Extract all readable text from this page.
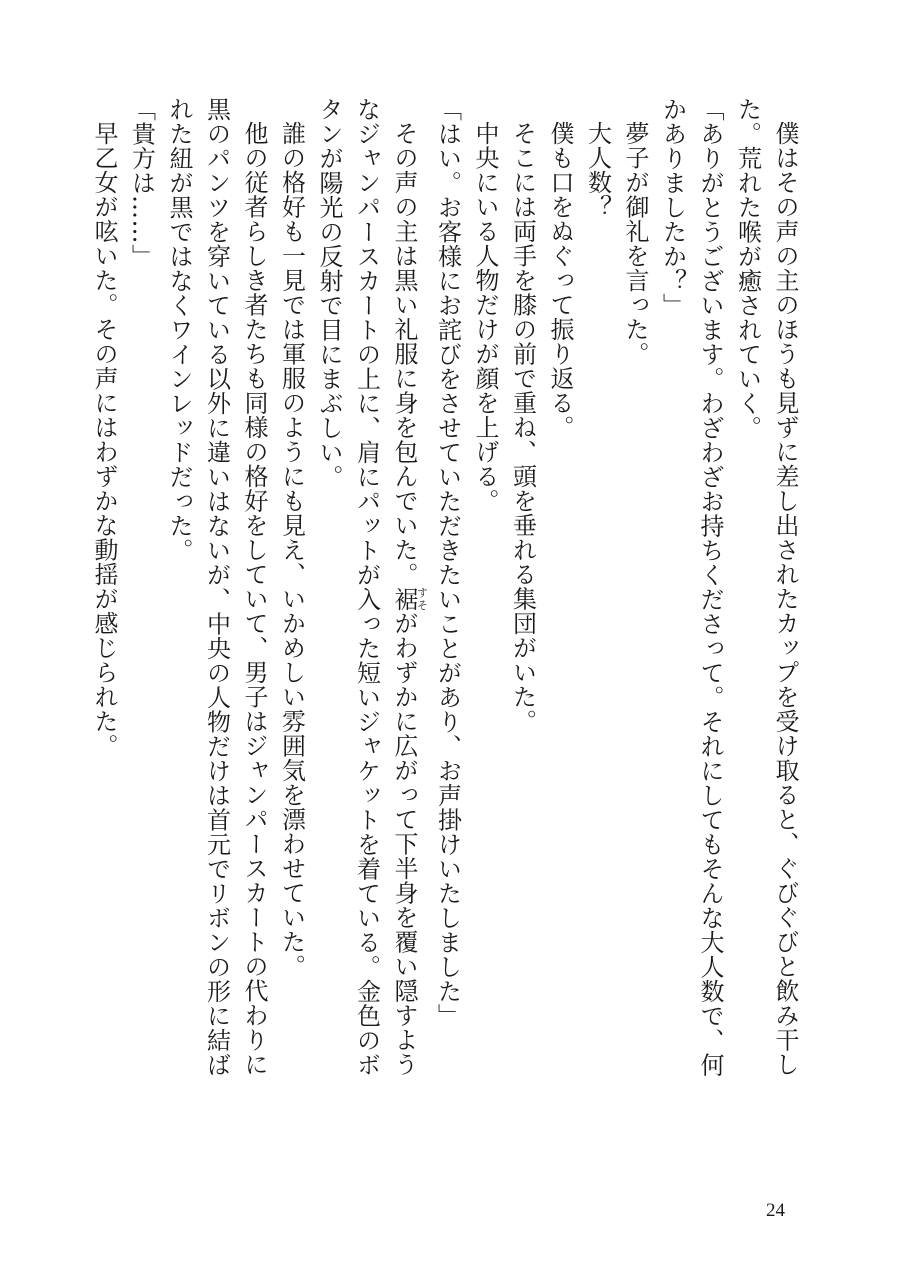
僕はその声の主のほうも見ずに差し出されたカップを受け取ると、ぐびぐびと飲み干した。荒れた喉が癒されていく。

「ありがとうございます。わざわざお持ちくださって。それにしてもそんな大人数で、何かありましたか？」

夢子が御礼を言った。

大人数？

僕も口をぬぐって振り返る。

そこには両手を膝の前で重ね、頭を垂れる集団がいた。

中央にいる人物だけが顔を上げる。

「はい。お客様にお詫びをさせていただきたいことがあり、お声掛けいたしました」

その声の主は黒い礼服に身を包んでいた。裾すそがわずかに広がって下半身を覆い隠すようなジャンパースカートの上に、肩にパットが入った短いジャケットを着ている。金色のボタンが陽光の反射で目にまぶしい。

誰の格好も一見では軍服のようにも見え、いかめしい雰囲気を漂わせていた。

他の従者らしき者たちも同様の格好をしていて、男子はジャンパースカートの代わりに黒のパンツを穿いている以外に違いはないが、中央の人物だけは首元でリボンの形に結ばれた紐が黒ではなくワインレッドだった。

「貴方は……」

早乙女が呟いた。その声にはわずかな動揺が感じられた。

24
